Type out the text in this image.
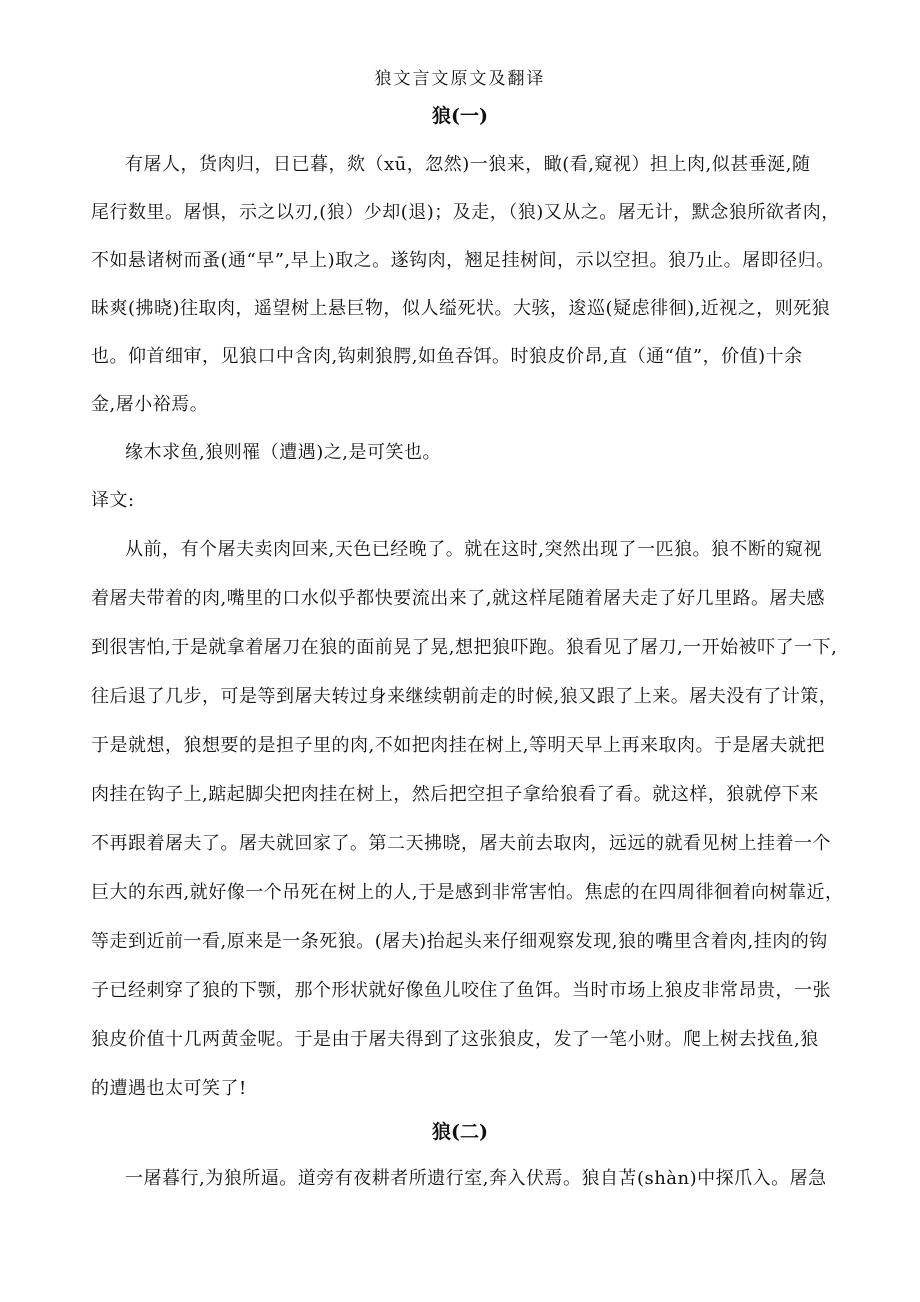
狼文言文原文及翻译
狼(一)
有屠人，货肉归，日已暮，欻（xū，忽然)一狼来，瞰(看,窥视）担上肉,似甚垂涎,随
尾行数里。屠惧，示之以刃,(狼）少却(退)；及走，（狼)又从之。屠无计，默念狼所欲者肉，
不如悬诸树而蚤(通“早”,早上)取之。遂钩肉，翘足挂树间，示以空担。狼乃止。屠即径归。
昧爽(拂晓)往取肉，遥望树上悬巨物，似人缢死状。大骇，逡巡(疑虑徘徊),近视之，则死狼
也。仰首细审，见狼口中含肉,钩刺狼腭,如鱼吞饵。时狼皮价昂,直（通“值”，价值)十余
金,屠小裕焉。
缘木求鱼,狼则罹（遭遇)之,是可笑也。
译文:
从前，有个屠夫卖肉回来,天色已经晚了。就在这时,突然出现了一匹狼。狼不断的窥视
着屠夫带着的肉,嘴里的口水似乎都快要流出来了,就这样尾随着屠夫走了好几里路。屠夫感
到很害怕,于是就拿着屠刀在狼的面前晃了晃,想把狼吓跑。狼看见了屠刀,一开始被吓了一下,
往后退了几步，可是等到屠夫转过身来继续朝前走的时候,狼又跟了上来。屠夫没有了计策，
于是就想，狼想要的是担子里的肉,不如把肉挂在树上,等明天早上再来取肉。于是屠夫就把
肉挂在钩子上,踮起脚尖把肉挂在树上，然后把空担子拿给狼看了看。就这样，狼就停下来
不再跟着屠夫了。屠夫就回家了。第二天拂晓，屠夫前去取肉，远远的就看见树上挂着一个
巨大的东西,就好像一个吊死在树上的人,于是感到非常害怕。焦虑的在四周徘徊着向树靠近，
等走到近前一看,原来是一条死狼。(屠夫)抬起头来仔细观察发现,狼的嘴里含着肉,挂肉的钩
子已经刺穿了狼的下颚，那个形状就好像鱼儿咬住了鱼饵。当时市场上狼皮非常昂贵，一张
狼皮价值十几两黄金呢。于是由于屠夫得到了这张狼皮，发了一笔小财。爬上树去找鱼,狼
的遭遇也太可笑了!
狼(二)
一屠暮行,为狼所逼。道旁有夜耕者所遗行室,奔入伏焉。狼自苫(shàn)中探爪入。屠急
